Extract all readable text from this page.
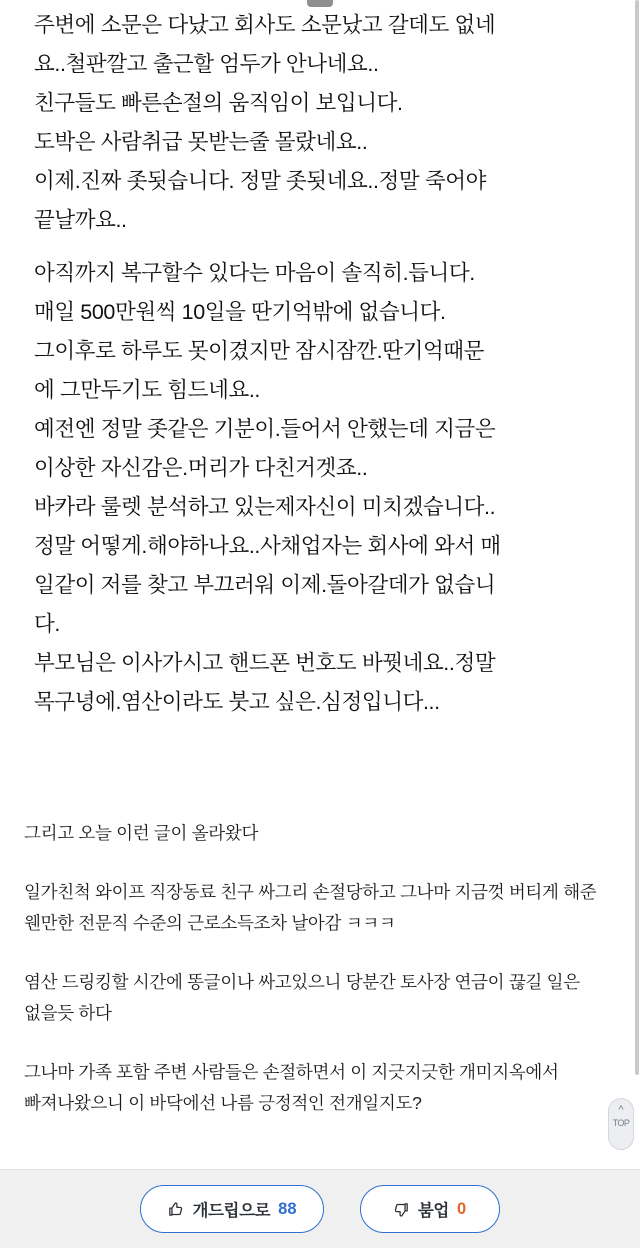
주변에 소문은 다났고 회사도 소문났고 갈데도 없네
요..철판깔고 출근할 엄두가 안나네요..
친구들도 빠른손절의 움직임이 보입니다.
도박은 사람취급 못받는줄 몰랐네요..
이제.진짜 좃됫습니다. 정말 좃됫네요..정말 죽어야
끝날까요..
아직까지 복구할수 있다는 마음이 솔직히.듭니다.
매일 500만원씩 10일을 딴기억밖에 없습니다.
그이후로 하루도 못이겼지만 잠시잠깐.딴기억때문
에 그만두기도 힘드네요..
예전엔 정말 좃같은 기분이.들어서 안했는데 지금은
이상한 자신감은.머리가 다친거겟죠..
바카라 룰렛 분석하고 있는제자신이 미치겠습니다..
정말 어떻게.해야하나요..사채업자는 회사에 와서 매
일같이 저를 찾고 부끄러워 이제.돌아갈데가 없습니
다.
부모님은 이사가시고 핸드폰 번호도 바꿧네요..정말
목구녕에.염산이라도 붓고 싶은.심정입니다...
그리고 오늘 이런 글이 올라왔다
일가친척 와이프 직장동료 친구 싸그리 손절당하고 그나마 지금껏 버티게 해준 웬만한 전문직 수준의 근로소득조차 날아감 ㅋㅋㅋ
염산 드링킹할 시간에 똥글이나 싸고있으니 당분간 토사장 연금이 끊길 일은 없을듯 하다
그나마 가족 포함 주변 사람들은 손절하면서 이 지긋지긋한 개미지옥에서 빠져나왔으니 이 바닥에선 나름 긍정적인 전개일지도?	^
TOP
개드립으로 88	붐업 0
